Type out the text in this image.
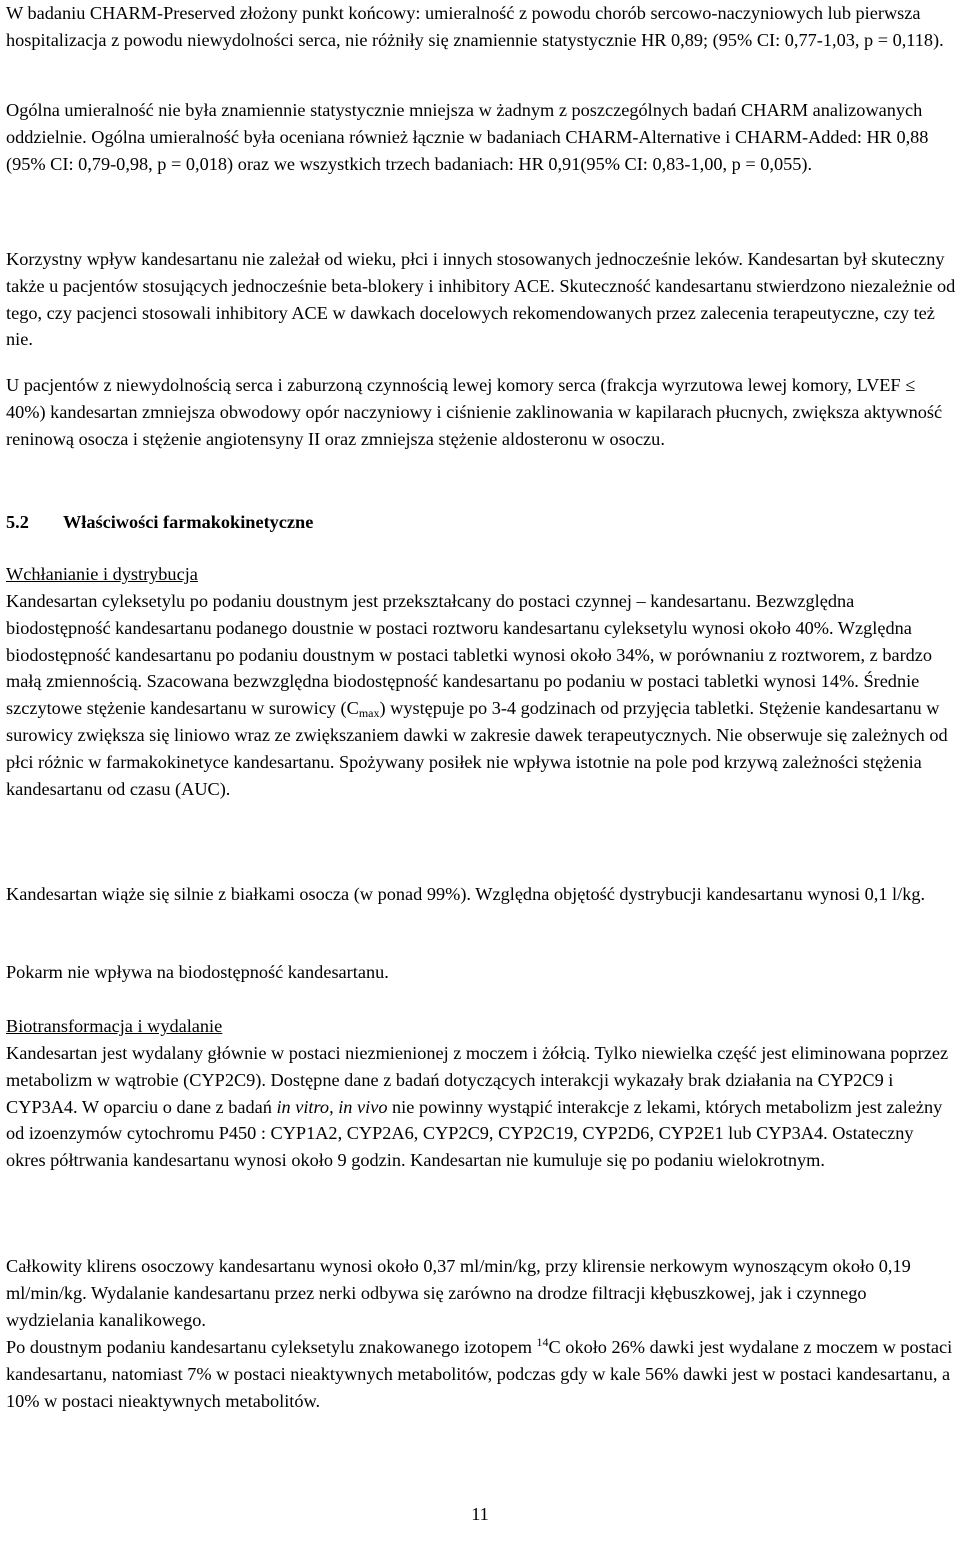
W badaniu CHARM-Preserved złożony punkt końcowy: umieralność z powodu chorób sercowo-naczyniowych lub pierwsza hospitalizacja z powodu niewydolności serca, nie różniły się znamiennie statystycznie HR 0,89; (95% CI: 0,77-1,03, p = 0,118).

Ogólna umieralność nie była znamiennie statystycznie mniejsza w żadnym z poszczególnych badań CHARM analizowanych oddzielnie. Ogólna umieralność była oceniana również łącznie w badaniach CHARM-Alternative i CHARM-Added: HR 0,88 (95% CI: 0,79-0,98, p = 0,018) oraz we wszystkich trzech badaniach: HR 0,91(95% CI: 0,83-1,00, p = 0,055).

Korzystny wpływ kandesartanu nie zależał od wieku, płci i innych stosowanych jednocześnie leków. Kandesartan był skuteczny także u pacjentów stosujących jednocześnie beta-blokery i inhibitory ACE. Skuteczność kandesartanu stwierdzono niezależnie od tego, czy pacjenci stosowali inhibitory ACE w dawkach docelowych rekomendowanych przez zalecenia terapeutyczne, czy też nie.

U pacjentów z niewydolnością serca i zaburzoną czynnością lewej komory serca (frakcja wyrzutowa lewej komory, LVEF ≤ 40%) kandesartan zmniejsza obwodowy opór naczyniowy i ciśnienie zaklinowania w kapilarach płucnych, zwiększa aktywność reninową osocza i stężenie angiotensyny II oraz zmniejsza stężenie aldosteronu w osoczu.

5.2 Właściwości farmakokinetyczne

Wchłanianie i dystrybucja

Kandesartan cyleksetylu po podaniu doustnym jest przekształcany do postaci czynnej – kandesartanu. Bezwzględna biodostępność kandesartanu podanego doustnie w postaci roztworu kandesartanu cyleksetylu wynosi około 40%. Względna biodostępność kandesartanu po podaniu doustnym w postaci tabletki wynosi około 34%, w porównaniu z roztworem, z bardzo małą zmiennością. Szacowana bezwzględna biodostępność kandesartanu po podaniu w postaci tabletki wynosi 14%. Średnie szczytowe stężenie kandesartanu w surowicy $(C_{max})$ występuje po 3-4 godzinach od przyjęcia tabletki. Stężenie kandesartanu w surowicy zwiększa się liniowo wraz ze zwiększaniem dawki w zakresie dawek terapeutycznych. Nie obserwuje się zależnych od płci różnic w farmakokinetyce kandesartanu. Spożywany posiłek nie wpływa istotnie na pole pod krzywą zależności stężenia kandesartanu od czasu (AUC).

Kandesartan wiąże się silnie z białkami osocza (w ponad 99%). Względna objętość dystrybucji kandesartanu wynosi 0,1 l/kg.

Pokarm nie wpływa na biodostępność kandesartanu.

Biotransformacja i wydalanie

Kandesartan jest wydalany głównie w postaci niezmienionej z moczem i żółcią. Tylko niewielka część jest eliminowana poprzez metabolizm w wątrobie (CYP2C9). Dostępne dane z badań dotyczących interakcji wykazały brak działania na CYP2C9 i CYP3A4. W oparciu o dane z badań in vitro, in vivo nie powinny wystąpić interakcje z lekami, których metabolizm jest zależny od izoenzymów cytochromu P450 : CYP1A2, CYP2A6, CYP2C9, CYP2C19, CYP2D6, CYP2E1 lub CYP3A4. Ostateczny okres półtrwania kandesartanu wynosi około 9 godzin. Kandesartan nie kumuluje się po podaniu wielokrotnym.

Całkowity klirens osoczowy kandesartanu wynosi około 0,37 ml/min/kg, przy klirensie nerkowym wynoszącym około 0,19 ml/min/kg. Wydalanie kandesartanu przez nerki odbywa się zarówno na drodze filtracji kłębuszkowej, jak i czynnego wydzielania kanalikowego.

Po doustnym podaniu kandesartanu cyleksetylu znakowanego izotopem $^{14}$C około 26% dawki jest wydalane z moczem w postaci kandesartanu, natomiast 7% w postaci nieaktywnych metabolitów, podczas gdy w kale 56% dawki jest w postaci kandesartanu, a 10% w postaci nieaktywnych metabolitów.

11
